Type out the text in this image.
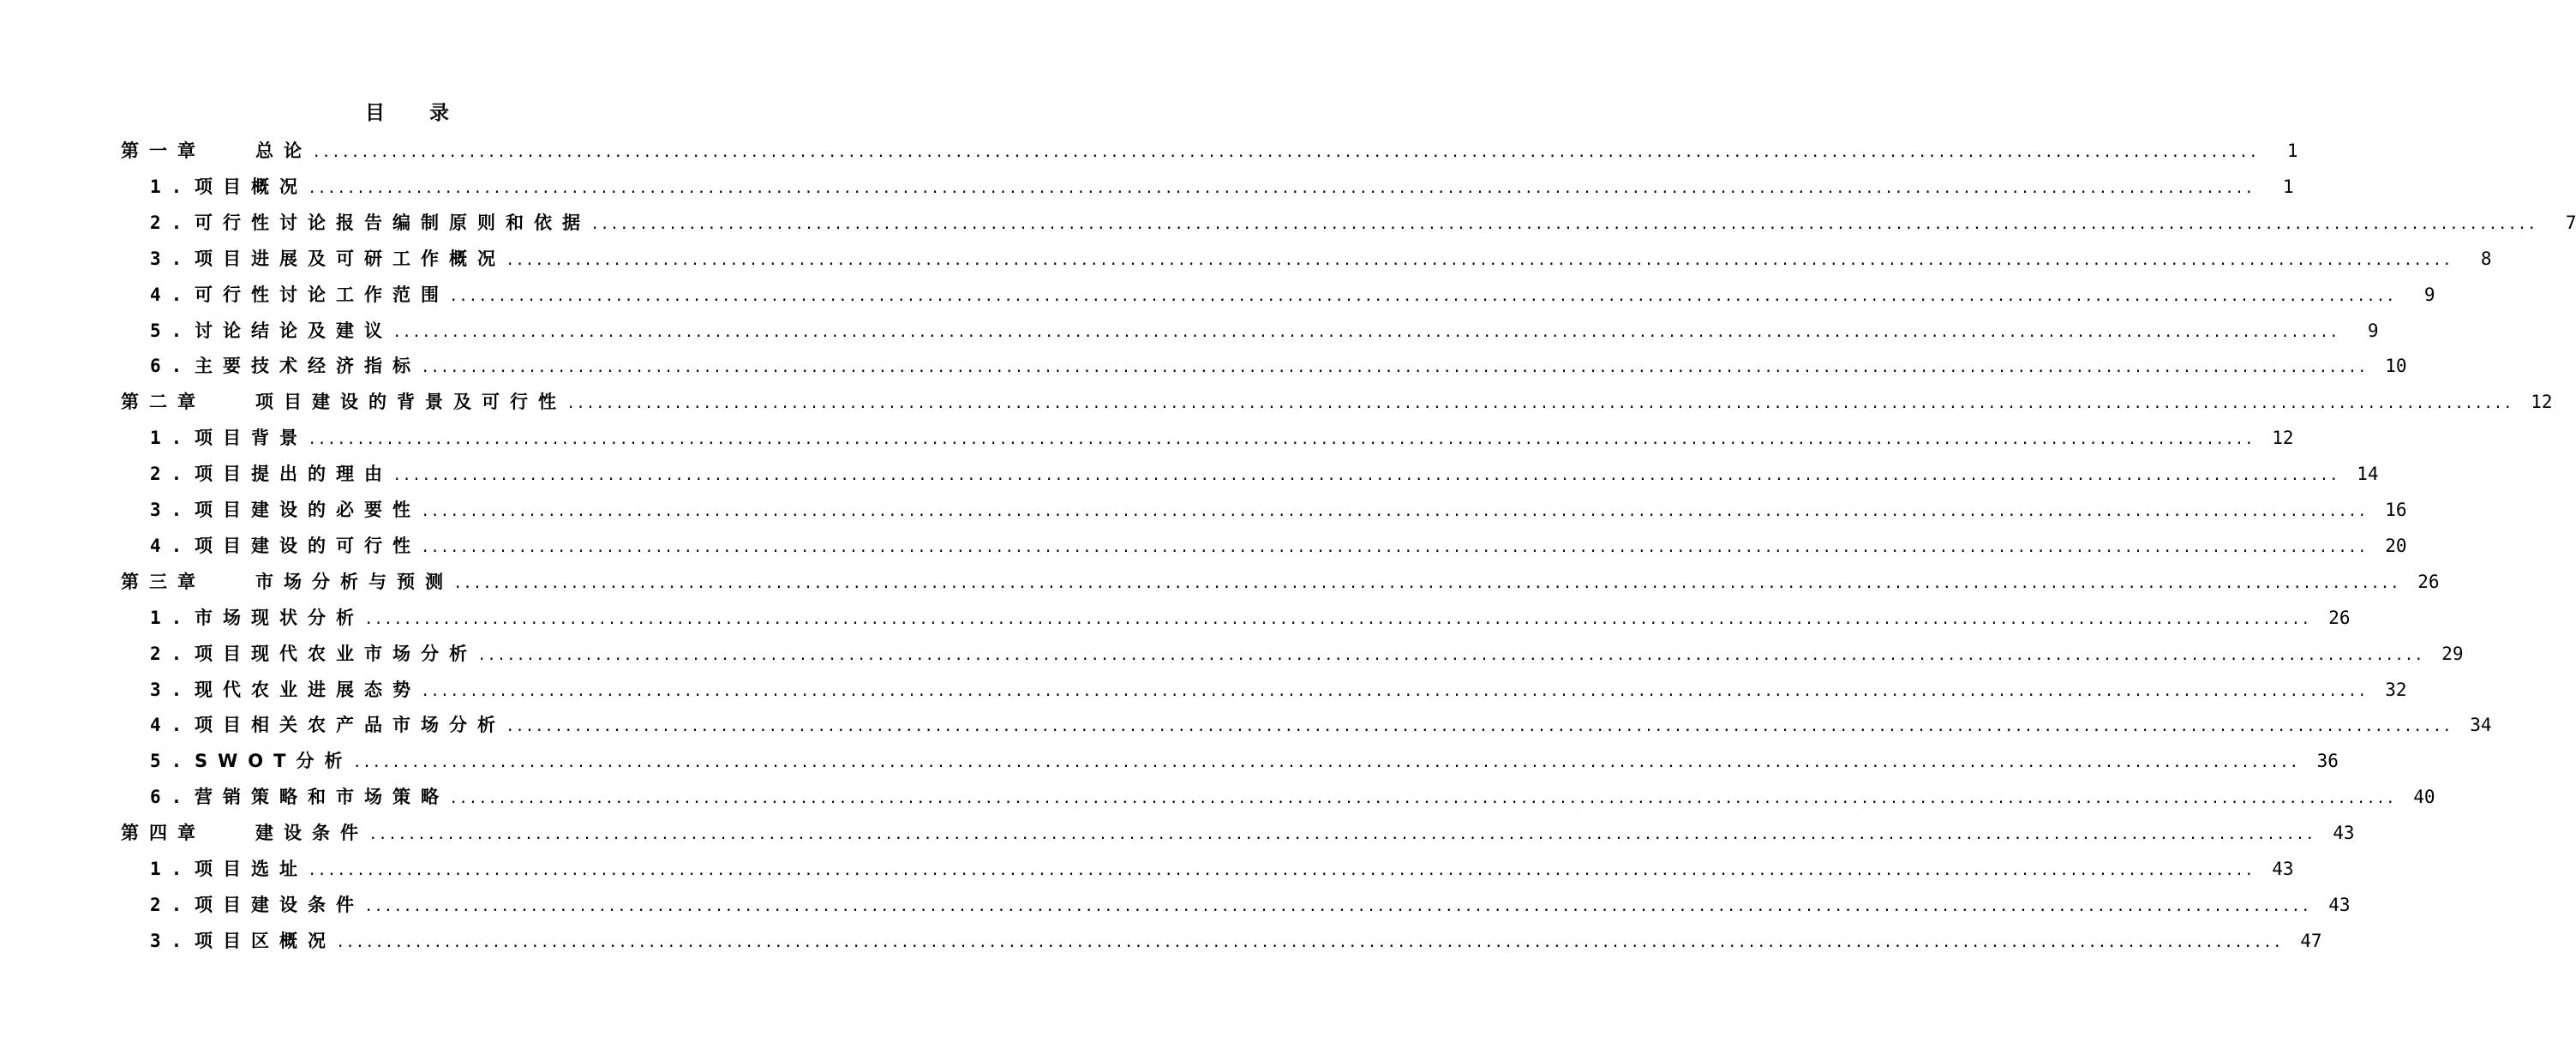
目 录
第一章	总论 ........................................................................................................................................................................................................	1
1. 项目概况 ........................................................................................................................................................................................................	1
2. 可行性讨论报告编制原则和依据 ........................................................................................................................................................................................................	7
3. 项目进展及可研工作概况 ........................................................................................................................................................................................................	8
4. 可行性讨论工作范围 ........................................................................................................................................................................................................	9
5. 讨论结论及建议 ........................................................................................................................................................................................................	9
6. 主要技术经济指标 ........................................................................................................................................................................................................ 10
第二章	项目建设的背景及可行性 ........................................................................................................................................................................................................ 12
1. 项目背景 ........................................................................................................................................................................................................ 12
2. 项目提出的理由 ........................................................................................................................................................................................................ 14
3. 项目建设的必要性 ........................................................................................................................................................................................................ 16
4. 项目建设的可行性 ........................................................................................................................................................................................................ 20
第三章	市场分析与预测 ........................................................................................................................................................................................................ 26
1. 市场现状分析 ........................................................................................................................................................................................................ 26
2. 项目现代农业市场分析 ........................................................................................................................................................................................................ 29
3. 现代农业进展态势 ........................................................................................................................................................................................................ 32
4. 项目相关农产品市场分析 ........................................................................................................................................................................................................ 34
5. SWOT分析 ........................................................................................................................................................................................................ 36
6. 营销策略和市场策略 ........................................................................................................................................................................................................ 40
第四章	建设条件 ........................................................................................................................................................................................................ 43
1. 项目选址 ........................................................................................................................................................................................................ 43
2. 项目建设条件 ........................................................................................................................................................................................................ 43
3. 项目区概况 ........................................................................................................................................................................................................ 47
